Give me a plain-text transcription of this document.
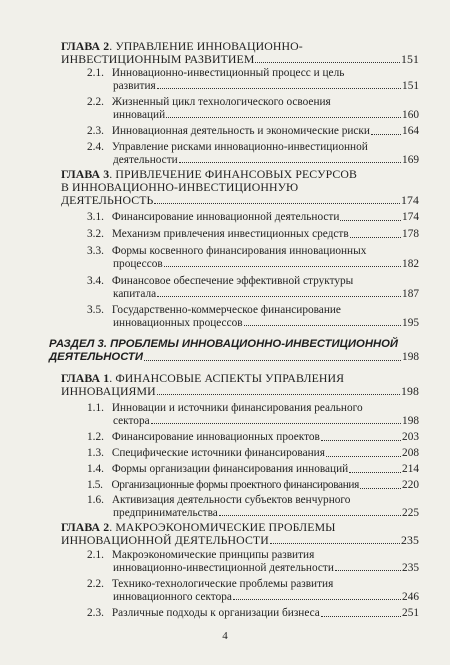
ГЛАВА 2. УПРАВЛЕНИЕ ИННОВАЦИОННО-
ИНВЕСТИЦИОННЫМ РАЗВИТИЕМ	151
2.1. Инновационно-инвестиционный процесс и цель
развития	151
2.2. Жизненный цикл технологического освоения
инноваций	160
2.3. Инновационная деятельность и экономические риски	164
2.4. Управление рисками инновационно-инвестиционной
деятельности	169
ГЛАВА 3. ПРИВЛЕЧЕНИЕ ФИНАНСОВЫХ РЕСУРСОВ
В ИННОВАЦИОННО-ИНВЕСТИЦИОННУЮ
ДЕЯТЕЛЬНОСТЬ	174
3.1. Финансирование инновационной деятельности	174
3.2. Механизм привлечения инвестиционных средств	178
3.3. Формы косвенного финансирования инновационных
процессов	182
3.4. Финансовое обеспечение эффективной структуры
капитала	187
3.5. Государственно-коммерческое финансирование
инновационных процессов	195
РАЗДЕЛ 3. ПРОБЛЕМЫ ИННОВАЦИОННО-ИНВЕСТИЦИОННОЙ
ДЕЯТЕЛЬНОСТИ	198
ГЛАВА 1. ФИНАНСОВЫЕ АСПЕКТЫ УПРАВЛЕНИЯ
ИННОВАЦИЯМИ	198
1.1. Инновации и источники финансирования реального
сектора	198
1.2. Финансирование инновационных проектов	203
1.3. Специфические источники финансирования	208
1.4. Формы организации финансирования инноваций	214
1.5. Организационные формы проектного финансирования	220
1.6. Активизация деятельности субъектов венчурного
предпринимательства	225
ГЛАВА 2. МАКРОЭКОНОМИЧЕСКИЕ ПРОБЛЕМЫ
ИННОВАЦИОННОЙ ДЕЯТЕЛЬНОСТИ	235
2.1. Макроэкономические принципы развития
инновационно-инвестиционной деятельности	235
2.2. Технико-технологические проблемы развития
инновационного сектора	246
2.3. Различные подходы к организации бизнеса	251
4
